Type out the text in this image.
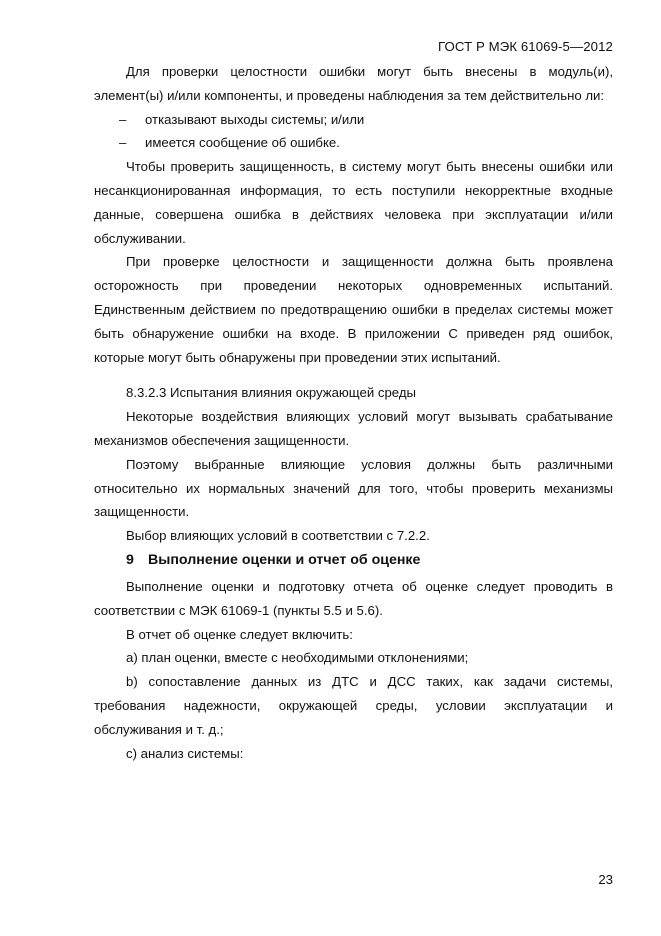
ГОСТ Р МЭК 61069-5—2012

Для проверки целостности ошибки могут быть внесены в модуль(и), элемент(ы) и/или компоненты, и проведены наблюдения за тем действительно ли:

– отказывают выходы системы; и/или

– имеется сообщение об ошибке.

Чтобы проверить защищенность, в систему могут быть внесены ошибки или несанкционированная информация, то есть поступили некорректные входные данные, совершена ошибка в действиях человека при эксплуатации и/или обслуживании.

При проверке целостности и защищенности должна быть проявлена осторожность при проведении некоторых одновременных испытаний. Единственным действием по предотвращению ошибки в пределах системы может быть обнаружение ошибки на входе. В приложении С приведен ряд ошибок, которые могут быть обнаружены при проведении этих испытаний.

8.3.2.3 Испытания влияния окружающей среды

Некоторые воздействия влияющих условий могут вызывать срабатывание механизмов обеспечения защищенности.

Поэтому выбранные влияющие условия должны быть различными относительно их нормальных значений для того, чтобы проверить механизмы защищенности.

Выбор влияющих условий в соответствии с 7.2.2.

9 Выполнение оценки и отчет об оценке

Выполнение оценки и подготовку отчета об оценке следует проводить в соответствии с МЭК 61069-1 (пункты 5.5 и 5.6).

В отчет об оценке следует включить:

а) план оценки, вместе с необходимыми отклонениями;

b) сопоставление данных из ДТС и ДСС таких, как задачи системы, требования надежности, окружающей среды, условии эксплуатации и обслуживания и т. д.;

с) анализ системы:

23
